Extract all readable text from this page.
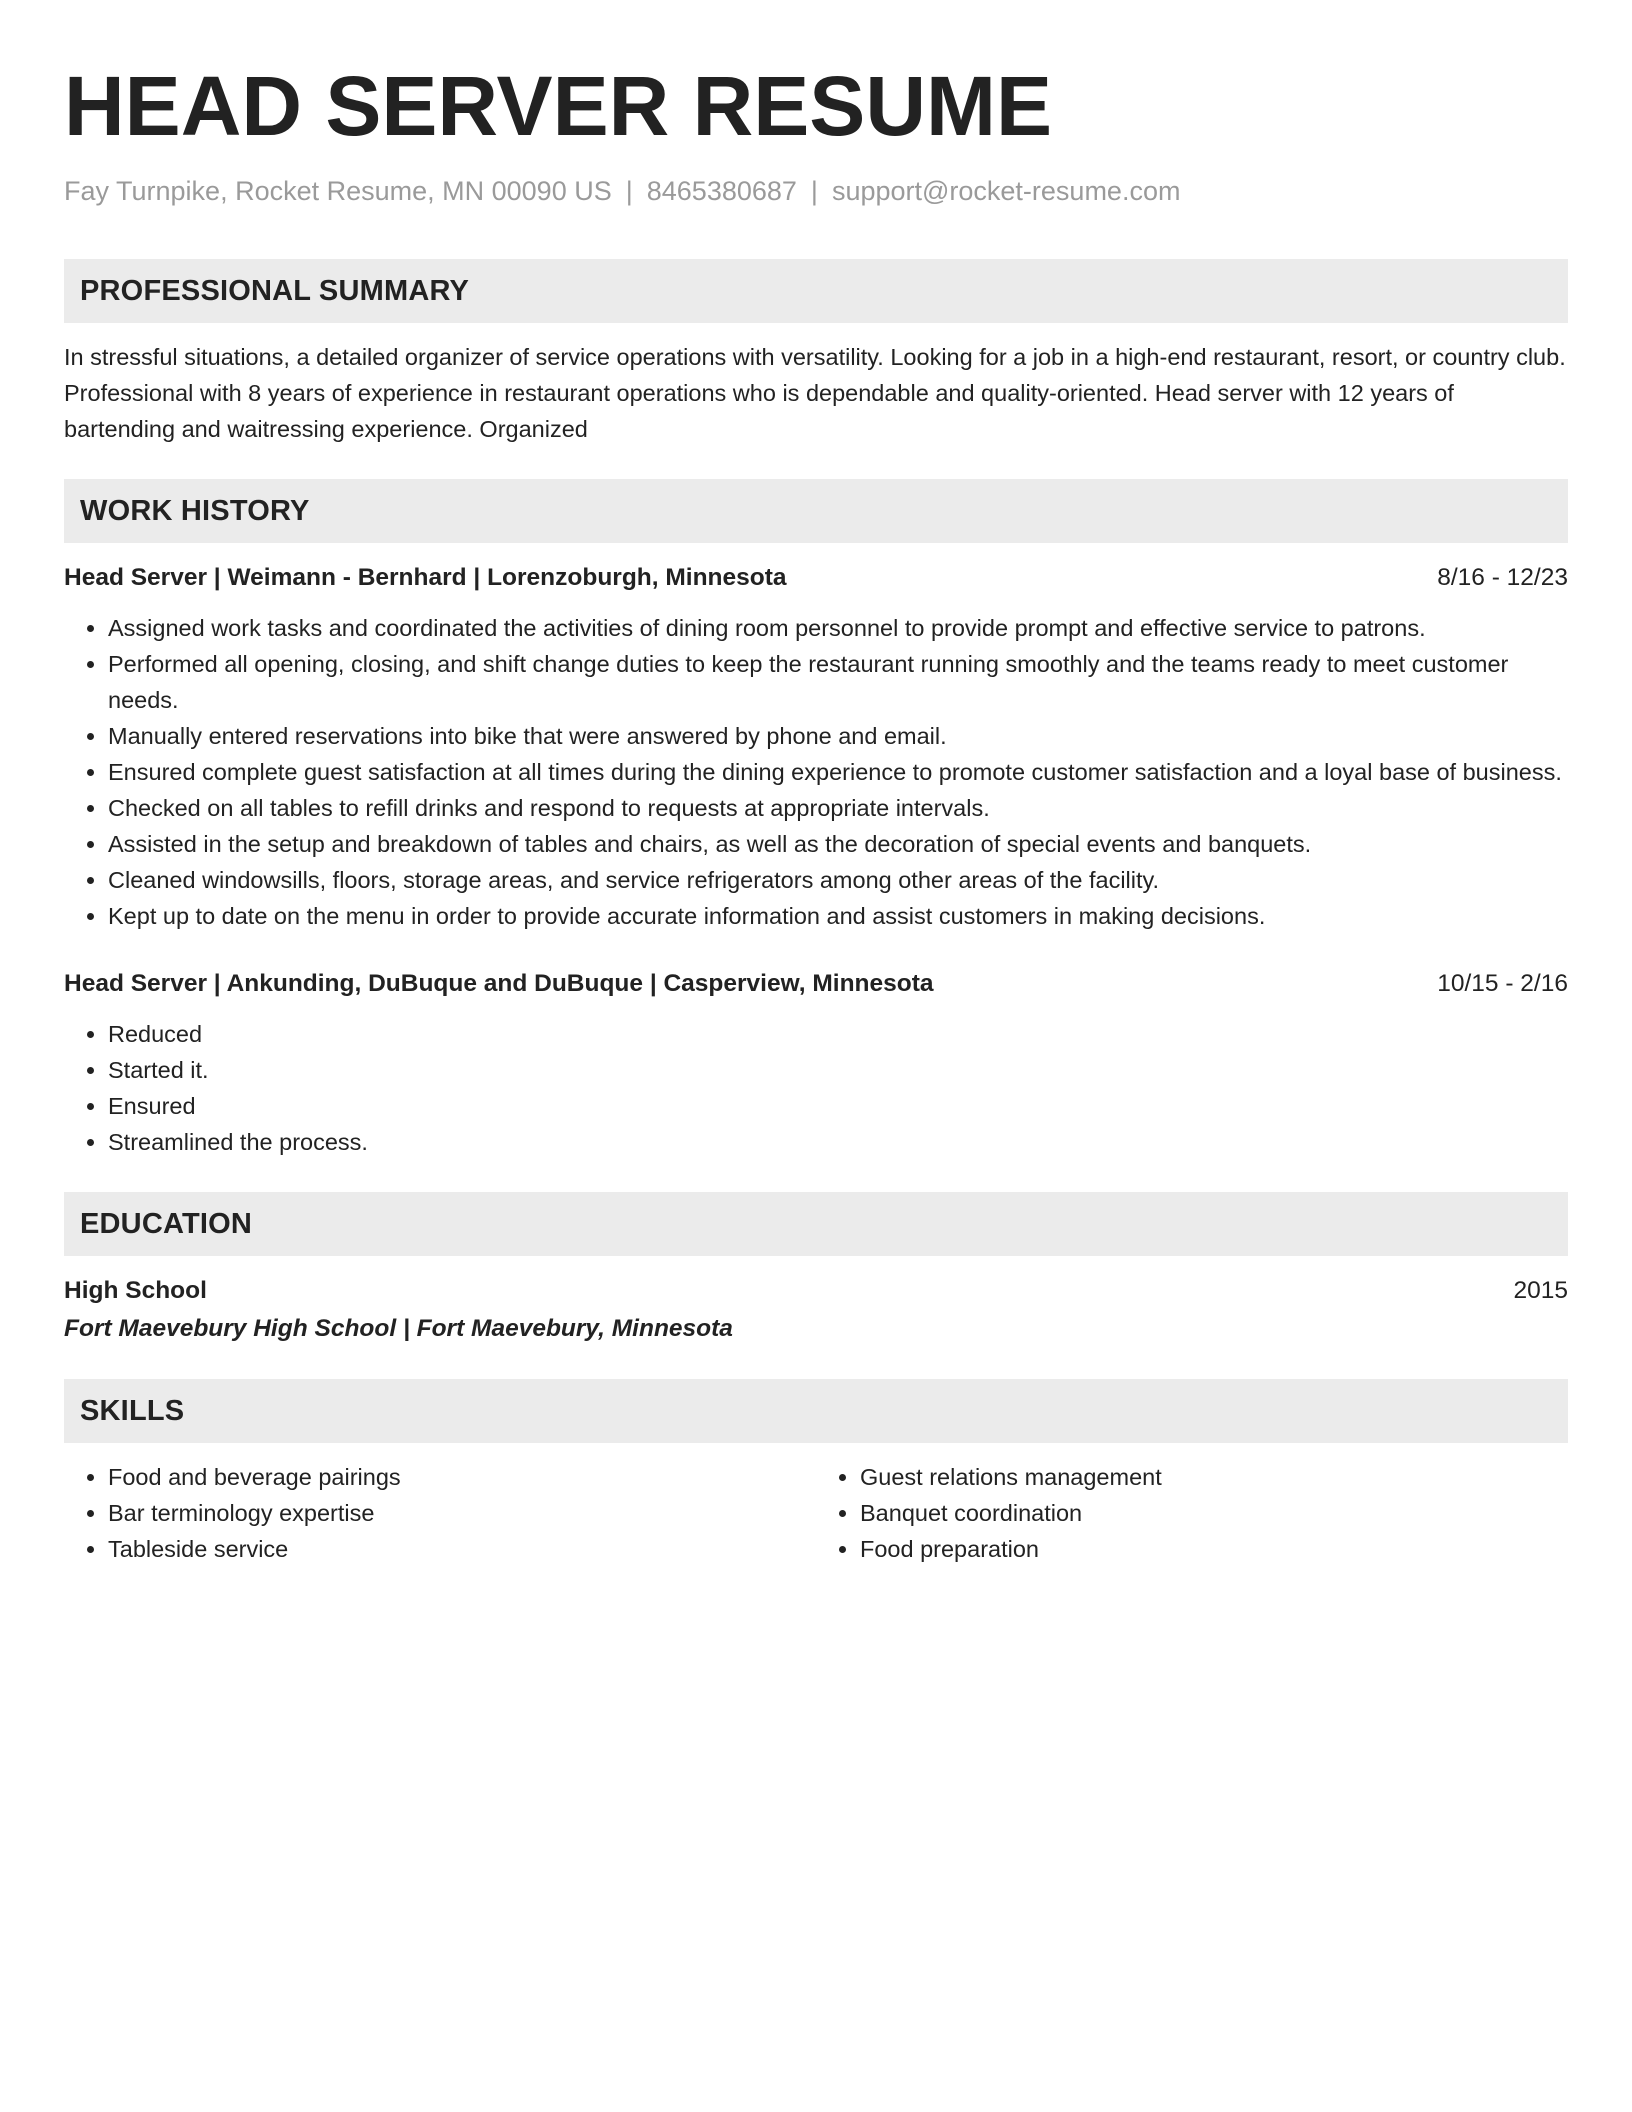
HEAD SERVER RESUME
Fay Turnpike, Rocket Resume, MN 00090 US | 8465380687 | support@rocket-resume.com
PROFESSIONAL SUMMARY
In stressful situations, a detailed organizer of service operations with versatility. Looking for a job in a high-end restaurant, resort, or country club. Professional with 8 years of experience in restaurant operations who is dependable and quality-oriented. Head server with 12 years of bartending and waitressing experience. Organized
WORK HISTORY
Head Server | Weimann - Bernhard | Lorenzoburgh, Minnesota	8/16 - 12/23
• Assigned work tasks and coordinated the activities of dining room personnel to provide prompt and effective service to patrons.
• Performed all opening, closing, and shift change duties to keep the restaurant running smoothly and the teams ready to meet customer needs.
• Manually entered reservations into bike that were answered by phone and email.
• Ensured complete guest satisfaction at all times during the dining experience to promote customer satisfaction and a loyal base of business.
• Checked on all tables to refill drinks and respond to requests at appropriate intervals.
• Assisted in the setup and breakdown of tables and chairs, as well as the decoration of special events and banquets.
• Cleaned windowsills, floors, storage areas, and service refrigerators among other areas of the facility.
• Kept up to date on the menu in order to provide accurate information and assist customers in making decisions.
Head Server | Ankunding, DuBuque and DuBuque | Casperview, Minnesota	10/15 - 2/16
• Reduced
• Started it.
• Ensured
• Streamlined the process.
EDUCATION
High School	2015
Fort Maevebury High School | Fort Maevebury, Minnesota
SKILLS
• Food and beverage pairings
• Bar terminology expertise
• Tableside service
• Guest relations management
• Banquet coordination
• Food preparation
